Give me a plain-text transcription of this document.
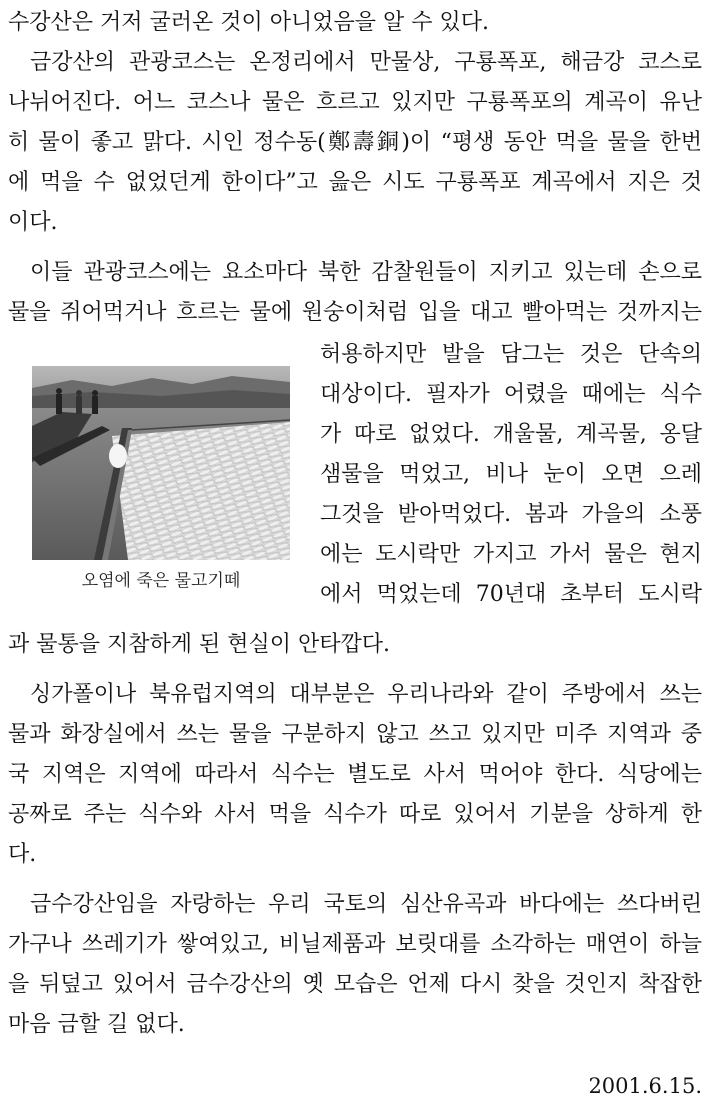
수강산은 거저 굴러온 것이 아니었음을 알 수 있다.
금강산의 관광코스는 온정리에서 만물상, 구룡폭포, 해금강 코스로
나뉘어진다. 어느 코스나 물은 흐르고 있지만 구룡폭포의 계곡이 유난
히 물이 좋고 맑다. 시인 정수동(鄭壽銅)이 “평생 동안 먹을 물을 한번
에 먹을 수 없었던게 한이다”고 읊은 시도 구룡폭포 계곡에서 지은 것
이다.
이들 관광코스에는 요소마다 북한 감찰원들이 지키고 있는데 손으로
물을 쥐어먹거나 흐르는 물에 원숭이처럼 입을 대고 빨아먹는 것까지는
오염에 죽은 물고기떼
허용하지만 발을 담그는 것은 단속의
대상이다. 필자가 어렸을 때에는 식수
가 따로 없었다. 개울물, 계곡물, 옹달
샘물을 먹었고, 비나 눈이 오면 으레
그것을 받아먹었다. 봄과 가을의 소풍
에는 도시락만 가지고 가서 물은 현지
에서 먹었는데 70년대 초부터 도시락
과 물통을 지참하게 된 현실이 안타깝다.
싱가폴이나 북유럽지역의 대부분은 우리나라와 같이 주방에서 쓰는
물과 화장실에서 쓰는 물을 구분하지 않고 쓰고 있지만 미주 지역과 중
국 지역은 지역에 따라서 식수는 별도로 사서 먹어야 한다. 식당에는
공짜로 주는 식수와 사서 먹을 식수가 따로 있어서 기분을 상하게 한
다.
금수강산임을 자랑하는 우리 국토의 심산유곡과 바다에는 쓰다버린
가구나 쓰레기가 쌓여있고, 비닐제품과 보릿대를 소각하는 매연이 하늘
을 뒤덮고 있어서 금수강산의 옛 모습은 언제 다시 찾을 것인지 착잡한
마음 금할 길 없다.
2001.6.15.
